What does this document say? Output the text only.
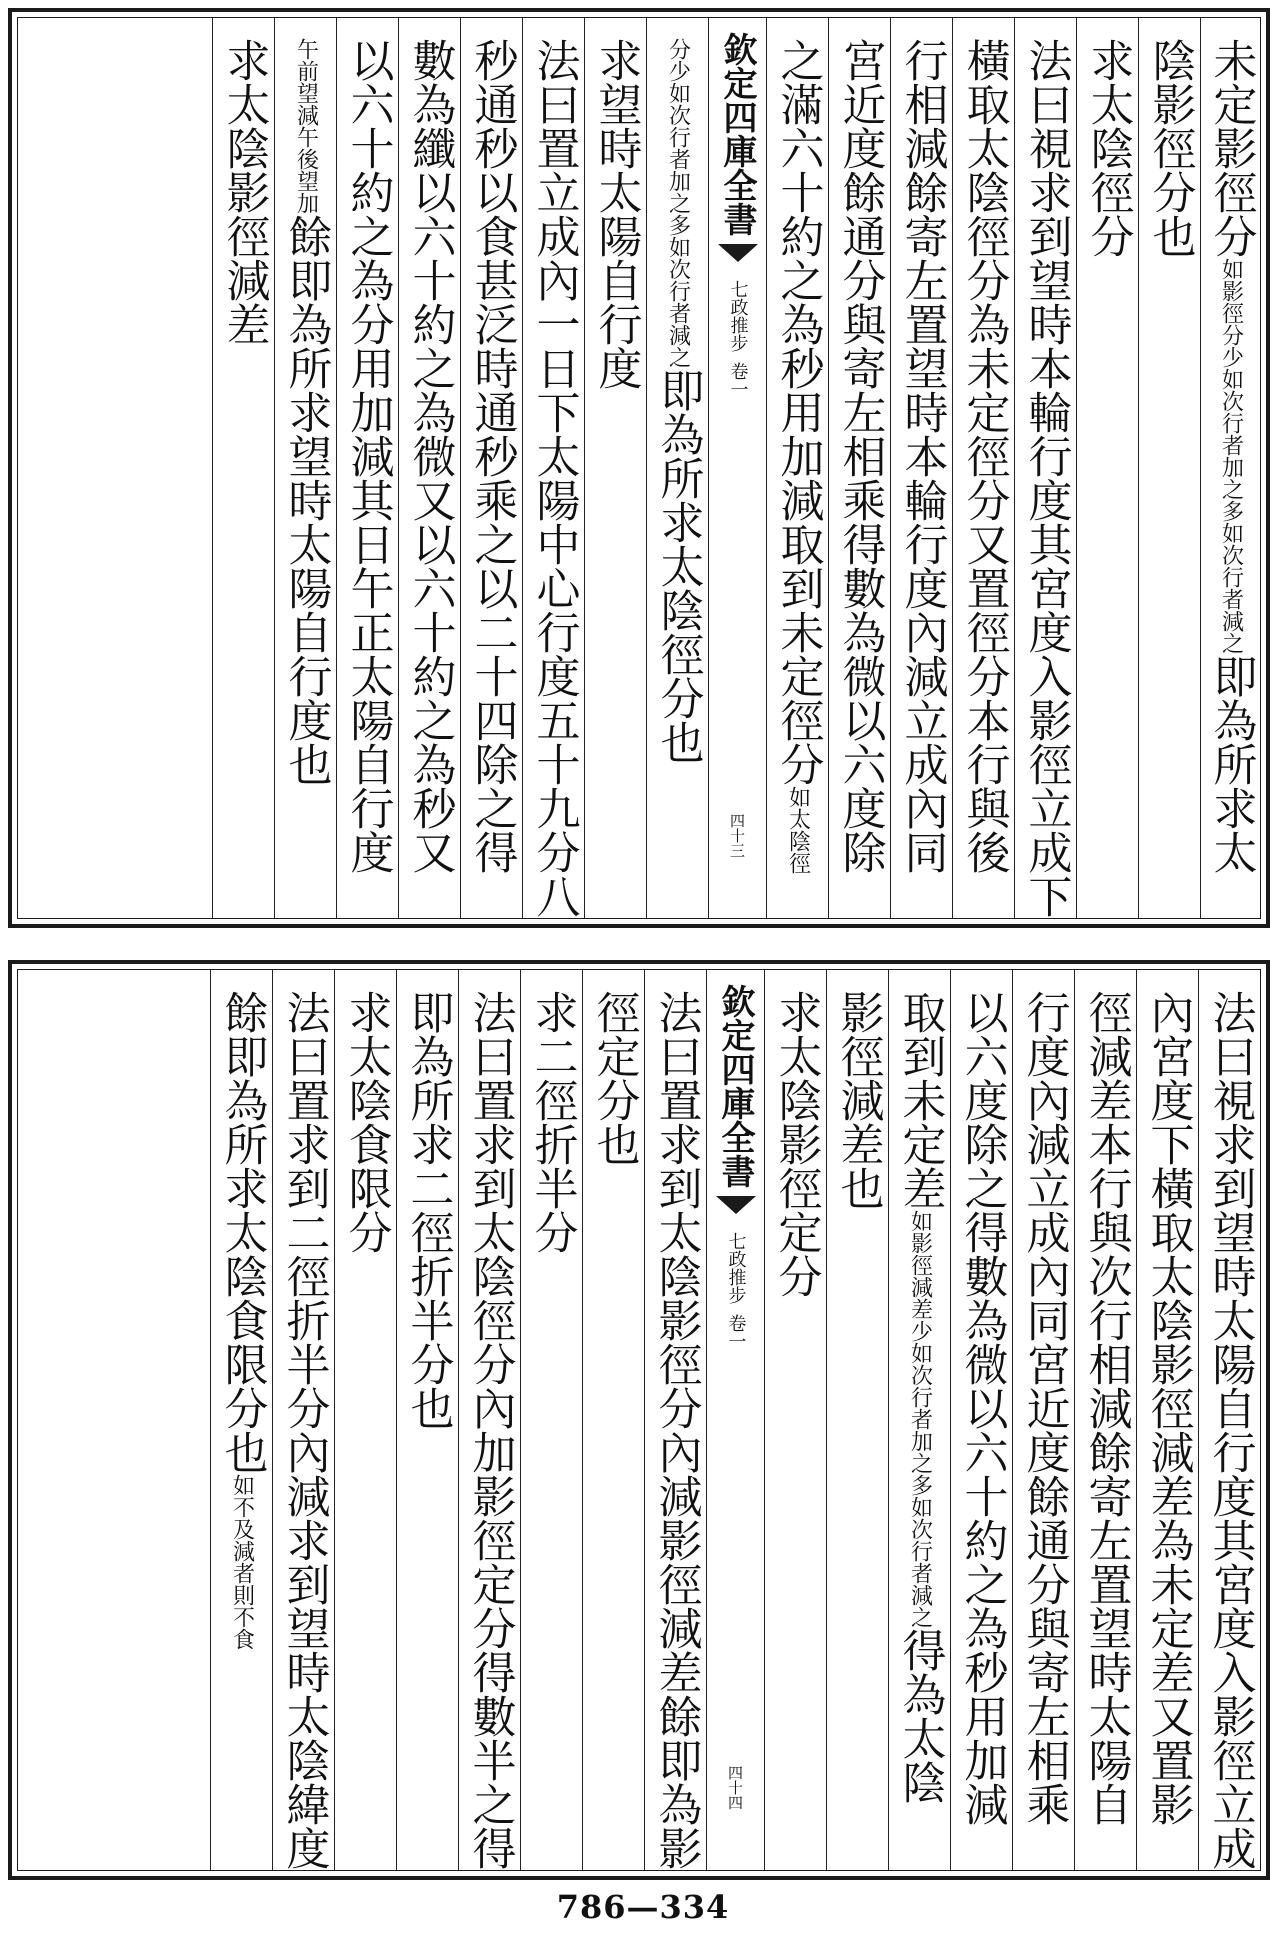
未定影徑分如影徑分少如次行者加之多如次行者減之即為所求太
陰影徑分也
求太陰徑分
法曰視求到望時本輪行度其宮度入影徑立成下
橫取太陰徑分為未定徑分又置徑分本行與後
行相減餘寄左置望時本輪行度內減立成內同
宮近度餘通分與寄左相乘得數為微以六度除
之滿六十約之為秒用加減取到未定徑分如太陰徑
欽定四庫全書
七政推步
卷一
四十三
分少如次行者加之多如次行者減之即為所求太陰徑分也
求望時太陽自行度
法曰置立成內一日下太陽中心行度五十九分八
秒通秒以食甚泛時通秒乘之以二十四除之得
數為纖以六十約之為微又以六十約之為秒又
以六十約之為分用加減其日午正太陽自行度
午前望減午後望加餘即為所求望時太陽自行度也
求太陰影徑減差
法曰視求到望時太陽自行度其宮度入影徑立成
內宮度下橫取太陰影徑減差為未定差又置影
徑減差本行與次行相減餘寄左置望時太陽自
行度內減立成內同宮近度餘通分與寄左相乘
以六度除之得數為微以六十約之為秒用加減
取到未定差如影徑減差少如次行者加之多如次行者減之得為太陰
影徑減差也
求太陰影徑定分
欽定四庫全書
七政推步
卷一
四十四
法曰置求到太陰影徑分內減影徑減差餘即為影
徑定分也
求二徑折半分
法曰置求到太陰徑分內加影徑定分得數半之得
即為所求二徑折半分也
求太陰食限分
法曰置求到二徑折半分內減求到望時太陰緯度
餘即為所求太陰食限分也如不及減者則不食
786—334
